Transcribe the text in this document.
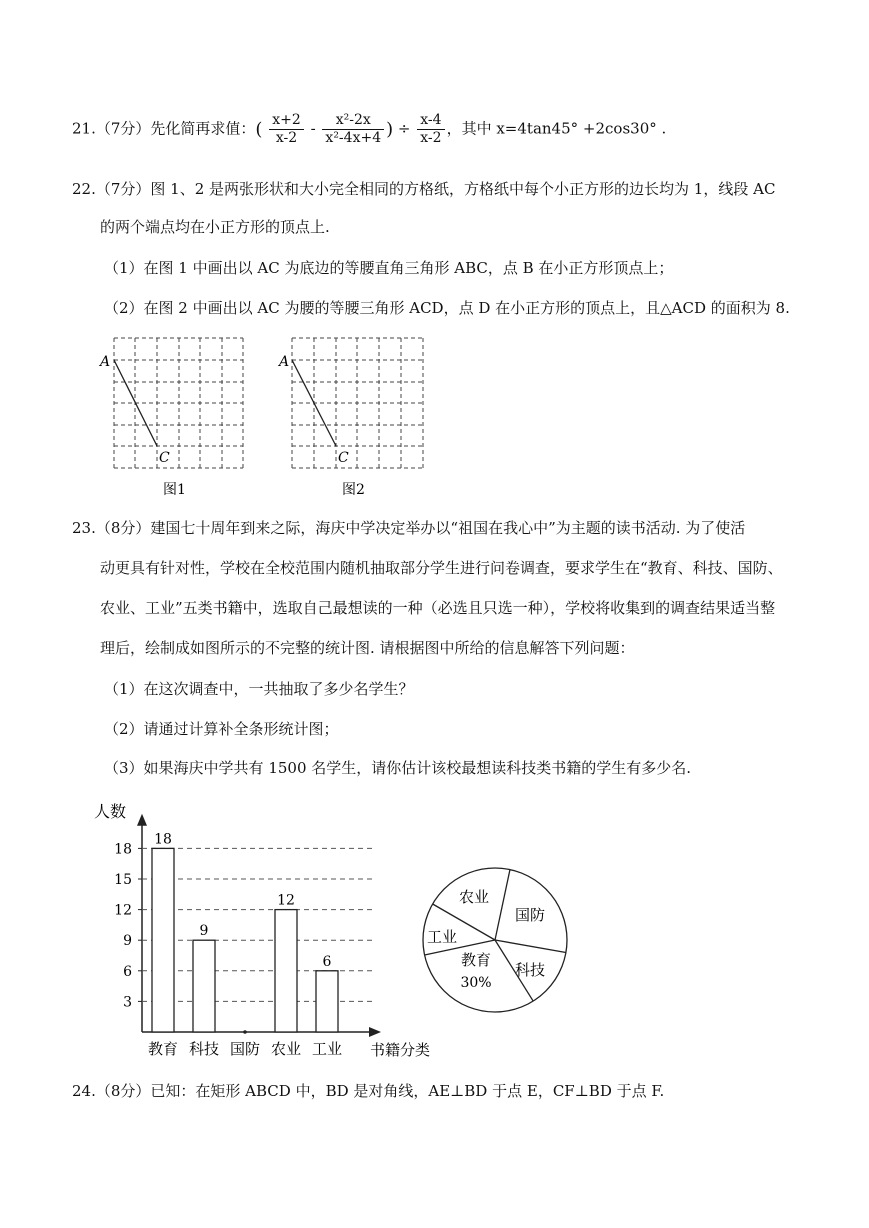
21.（7分）先化简再求值：( $\frac{x+2}{x-2} - \frac{\text{x²-2x}}{\text{x²-4x+4}}$ ) ÷ $\frac{x-4}{x-2}$ ，其中 x=4tan45° +2cos30° .
22.（7分）图 1、2 是两张形状和大小完全相同的方格纸，方格纸中每个小正方形的边长均为 1，线段 AC
的两个端点均在小正方形的顶点上.
（1）在图 1 中画出以 AC 为底边的等腰直角三角形 ABC，点 B 在小正方形顶点上；
（2）在图 2 中画出以 AC 为腰的等腰三角形 ACD，点 D 在小正方形的顶点上，且△ACD 的面积为 8.
A
C
图1
A
C
图2
23.（8分）建国七十周年到来之际，海庆中学决定举办以“祖国在我心中”为主题的读书活动. 为了使活
动更具有针对性，学校在全校范围内随机抽取部分学生进行问卷调查，要求学生在“教育、科技、国防、
农业、工业”五类书籍中，选取自己最想读的一种（必选且只选一种），学校将收集到的调查结果适当整
理后，绘制成如图所示的不完整的统计图. 请根据图中所给的信息解答下列问题：
（1）在这次调查中，一共抽取了多少名学生？
（2）请通过计算补全条形统计图；
（3）如果海庆中学共有 1500 名学生，请你估计该校最想读科技类书籍的学生有多少名.
人数
书籍分类
3
6
9
12
15
18
18
教育
9
科技 国防
12
农业
6
工业
农业
国防
科技
教育
30%
工业
24.（8分）已知：在矩形 ABCD 中，BD 是对角线，AE⊥BD 于点 E，CF⊥BD 于点 F.
